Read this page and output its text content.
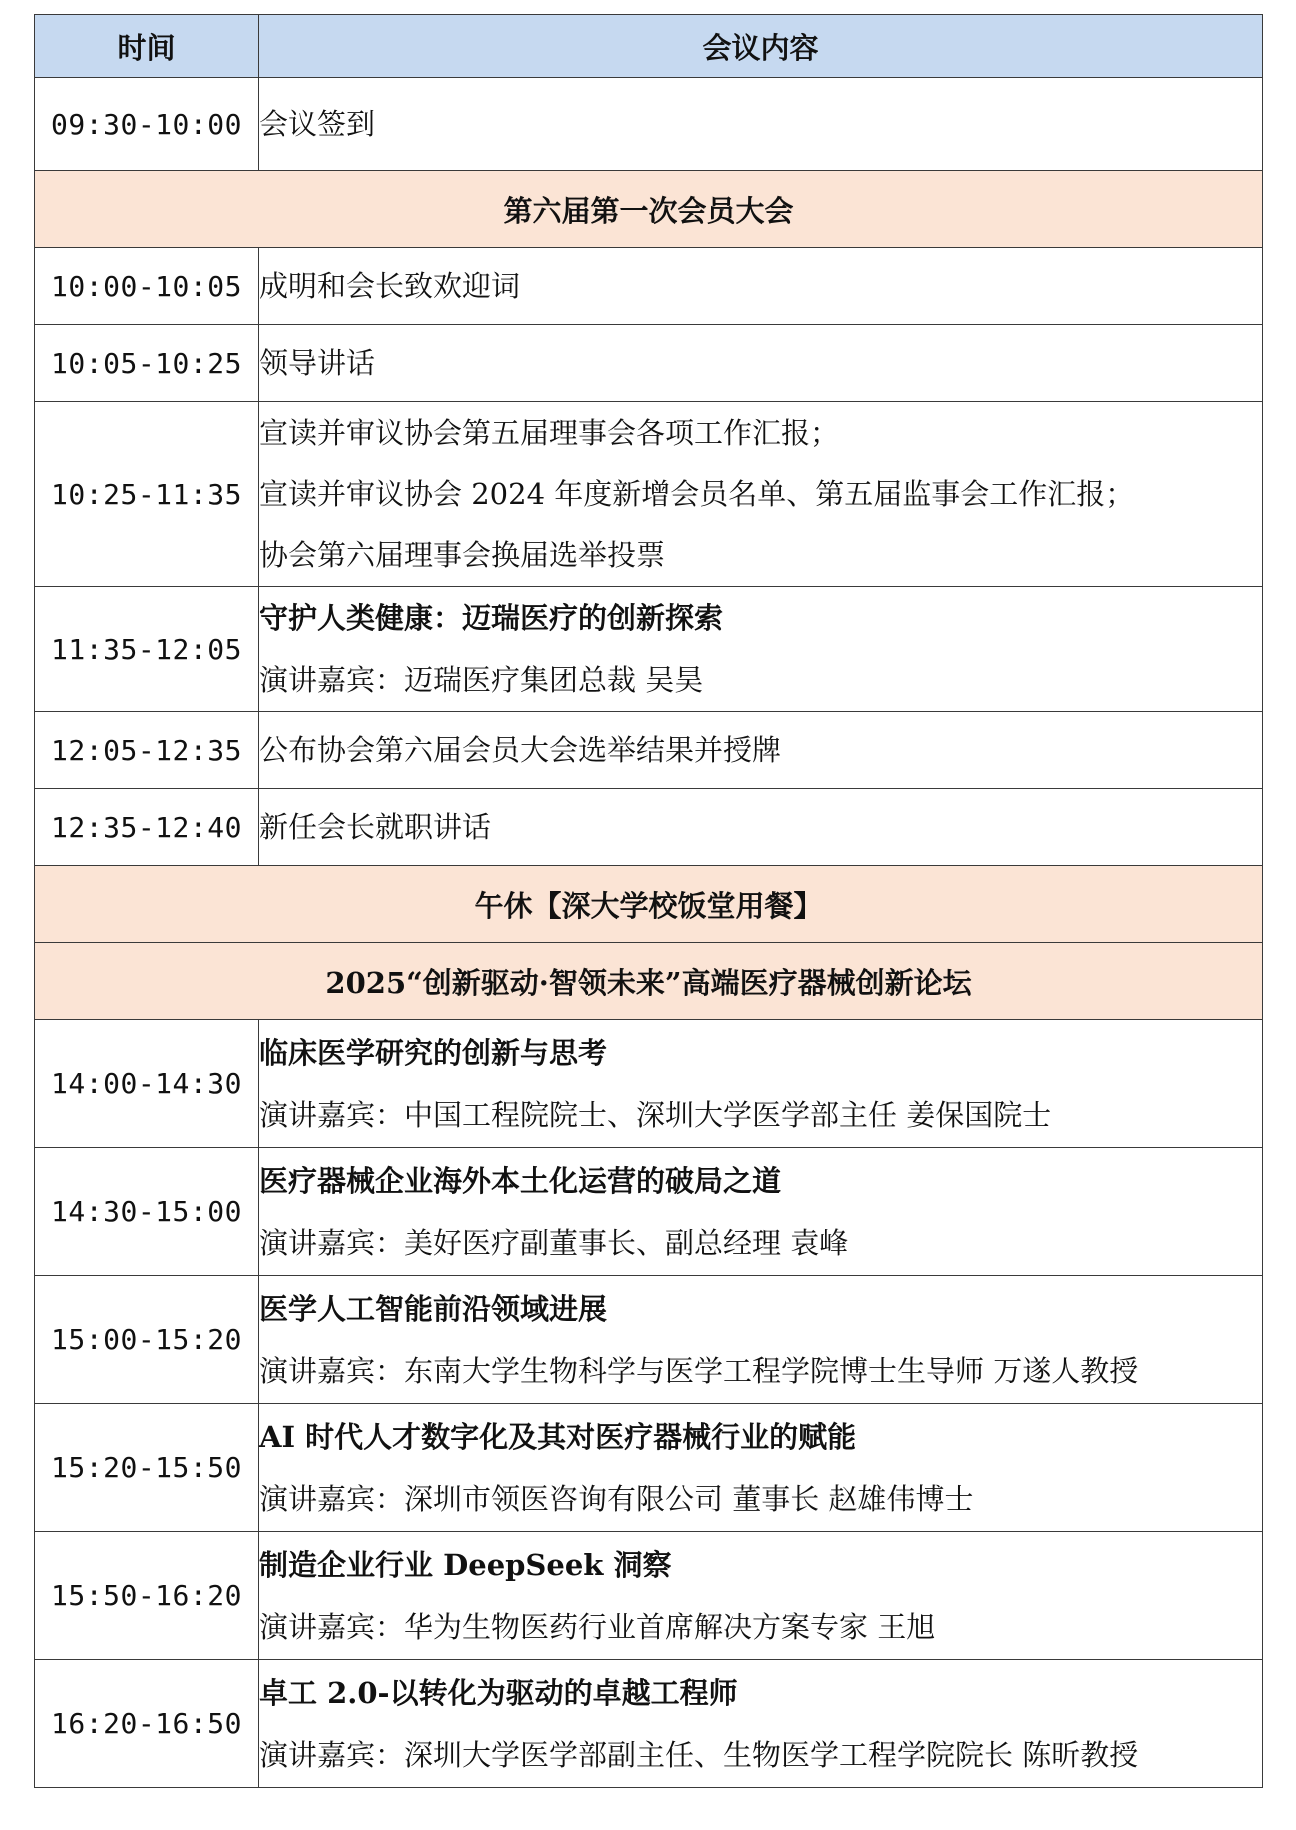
时间	会议内容
09:30-10:00	会议签到

第六届第一次会员大会	
10:00-10:05	成明和会长致欢迎词

10:05-10:25	领导讲话

10:25-11:35	宣读并审议协会第五届理事会各项工作汇报；
宣读并审议协会 2024 年度新增会员名单、第五届监事会工作汇报；
协会第六届理事会换届选举投票

11:35-12:05	守护人类健康：迈瑞医疗的创新探索
演讲嘉宾：迈瑞医疗集团总裁 吴昊

12:05-12:35	公布协会第六届会员大会选举结果并授牌

12:35-12:40	新任会长就职讲话

午休【深大学校饭堂用餐】	
2025“创新驱动·智领未来”高端医疗器械创新论坛	
14:00-14:30	临床医学研究的创新与思考
演讲嘉宾：中国工程院院士、深圳大学医学部主任 姜保国院士

14:30-15:00	医疗器械企业海外本土化运营的破局之道
演讲嘉宾：美好医疗副董事长、副总经理 袁峰

15:00-15:20	医学人工智能前沿领域进展
演讲嘉宾：东南大学生物科学与医学工程学院博士生导师 万遂人教授

15:20-15:50	AI 时代人才数字化及其对医疗器械行业的赋能
演讲嘉宾：深圳市领医咨询有限公司 董事长 赵雄伟博士

15:50-16:20	制造企业行业 DeepSeek 洞察
演讲嘉宾：华为生物医药行业首席解决方案专家 王旭

16:20-16:50	卓工 2.0-以转化为驱动的卓越工程师
演讲嘉宾：深圳大学医学部副主任、生物医学工程学院院长 陈昕教授
